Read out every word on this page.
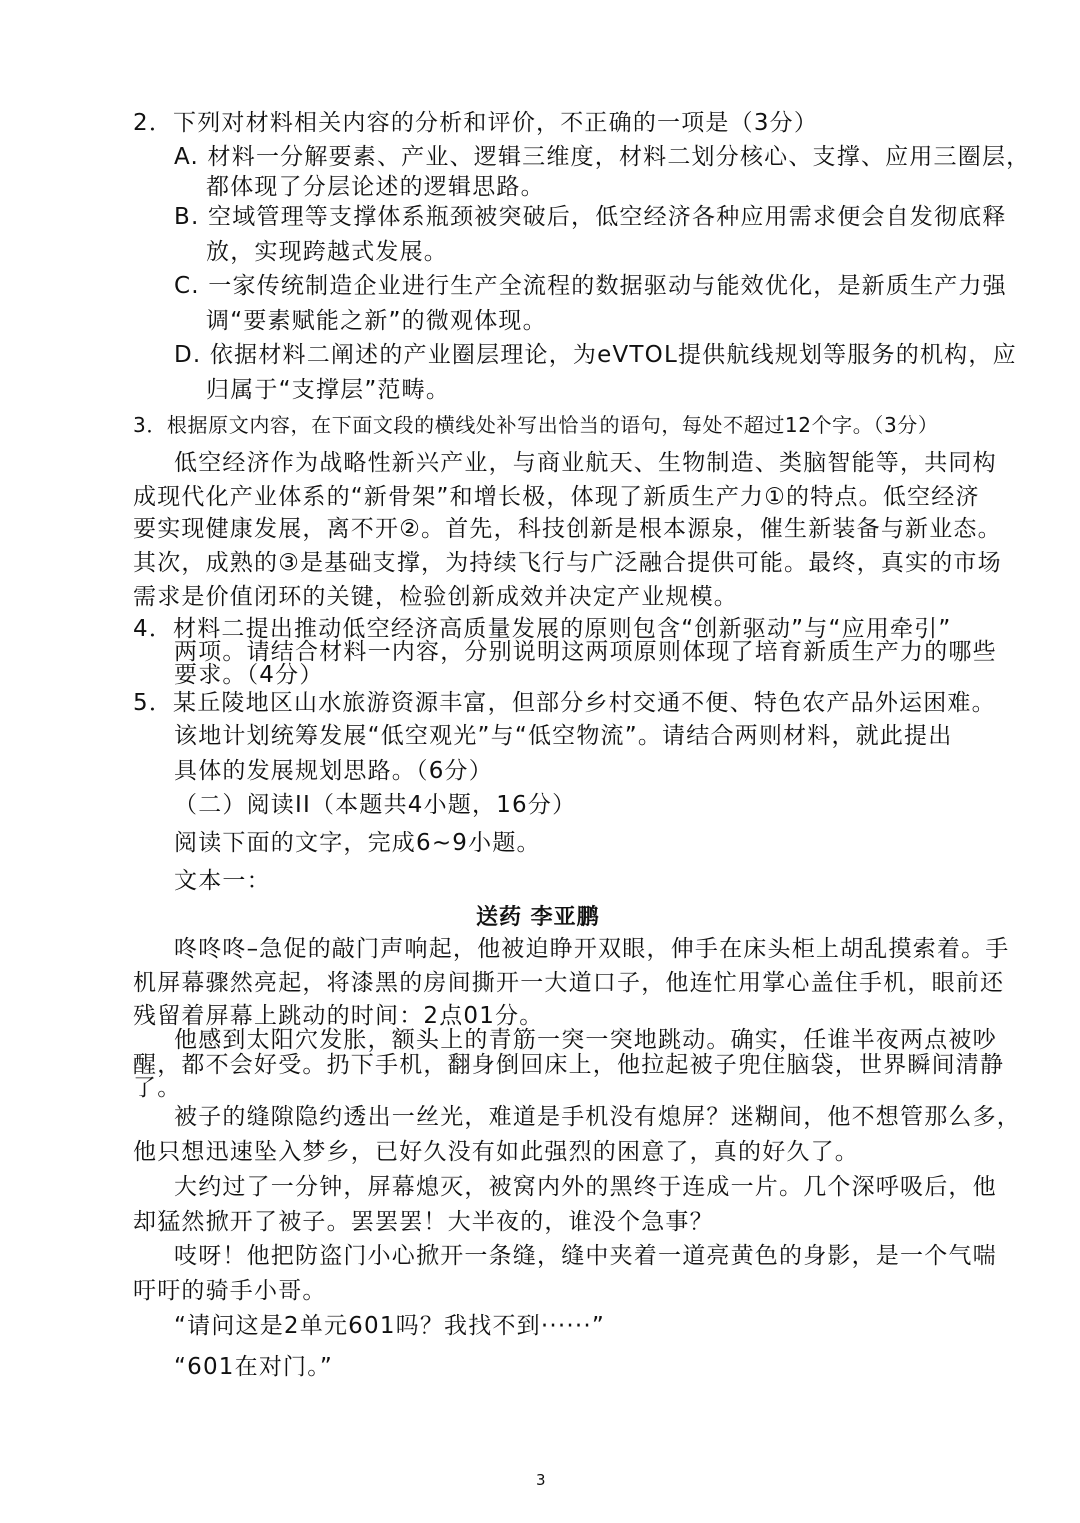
2．下列对材料相关内容的分析和评价，不正确的一项是（3分）
A. 材料一分解要素、产业、逻辑三维度，材料二划分核心、支撑、应用三圈层，
都体现了分层论述的逻辑思路。
B. 空域管理等支撑体系瓶颈被突破后，低空经济各种应用需求便会自发彻底释
放，实现跨越式发展。
C. 一家传统制造企业进行生产全流程的数据驱动与能效优化，是新质生产力强
调“要素赋能之新”的微观体现。
D. 依据材料二阐述的产业圈层理论，为eVTOL提供航线规划等服务的机构，应
归属于“支撑层”范畴。
3．根据原文内容，在下面文段的横线处补写出恰当的语句，每处不超过12个字。（3分）
低空经济作为战略性新兴产业，与商业航天、生物制造、类脑智能等，共同构
成现代化产业体系的“新骨架”和增长极，体现了新质生产力①的特点。低空经济
要实现健康发展，离不开②。首先，科技创新是根本源泉，催生新装备与新业态。
其次，成熟的③是基础支撑，为持续飞行与广泛融合提供可能。最终，真实的市场
需求是价值闭环的关键，检验创新成效并决定产业规模。
4．材料二提出推动低空经济高质量发展的原则包含“创新驱动”与“应用牵引”
两项。请结合材料一内容，分别说明这两项原则体现了培育新质生产力的哪些
要求。（4分）
5．某丘陵地区山水旅游资源丰富，但部分乡村交通不便、特色农产品外运困难。
该地计划统筹发展“低空观光”与“低空物流”。请结合两则材料，就此提出
具体的发展规划思路。（6分）
（二）阅读II（本题共4小题，16分）
阅读下面的文字，完成6~9小题。
文本一：
送药 李亚鹏
咚咚咚–急促的敲门声响起，他被迫睁开双眼，伸手在床头柜上胡乱摸索着。手
机屏幕骤然亮起，将漆黑的房间撕开一大道口子，他连忙用掌心盖住手机，眼前还
残留着屏幕上跳动的时间：2点01分。
他感到太阳穴发胀，额头上的青筋一突一突地跳动。确实，任谁半夜两点被吵
醒，都不会好受。扔下手机，翻身倒回床上，他拉起被子兜住脑袋，世界瞬间清静
了。
被子的缝隙隐约透出一丝光，难道是手机没有熄屏？迷糊间，他不想管那么多，
他只想迅速坠入梦乡，已好久没有如此强烈的困意了，真的好久了。
大约过了一分钟，屏幕熄灭，被窝内外的黑终于连成一片。几个深呼吸后，他
却猛然掀开了被子。罢罢罢！大半夜的，谁没个急事？
吱呀！他把防盗门小心掀开一条缝，缝中夹着一道亮黄色的身影，是一个气喘
吁吁的骑手小哥。
“请问这是2单元601吗？我找不到······”
“601在对门。”
3
